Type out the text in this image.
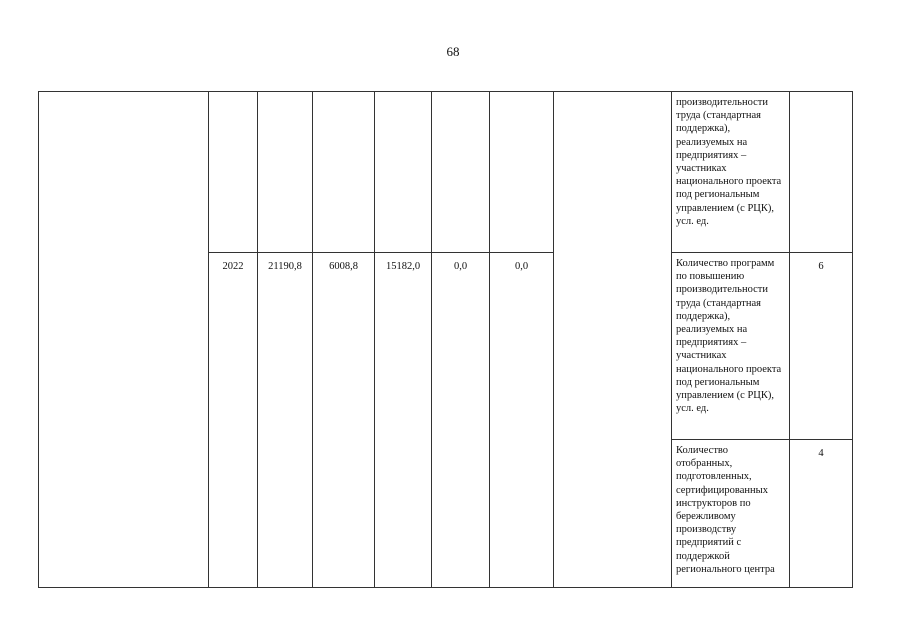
68
								производительности труда (стандартная поддержка), реализуемых на предприятиях – участниках национального проекта под региональным управлением (с РЦК), усл. ед.	
	2022	21190,8	6008,8	15182,0	0,0	0,0		Количество программ по повышению производительности труда (стандартная поддержка), реализуемых на предприятиях – участниках национального проекта под региональным управлением (с РЦК), усл. ед.	6
								Количество отобранных, подготовленных, сертифицированных инструкторов по бережливому производству предприятий с поддержкой регионального центра	4
